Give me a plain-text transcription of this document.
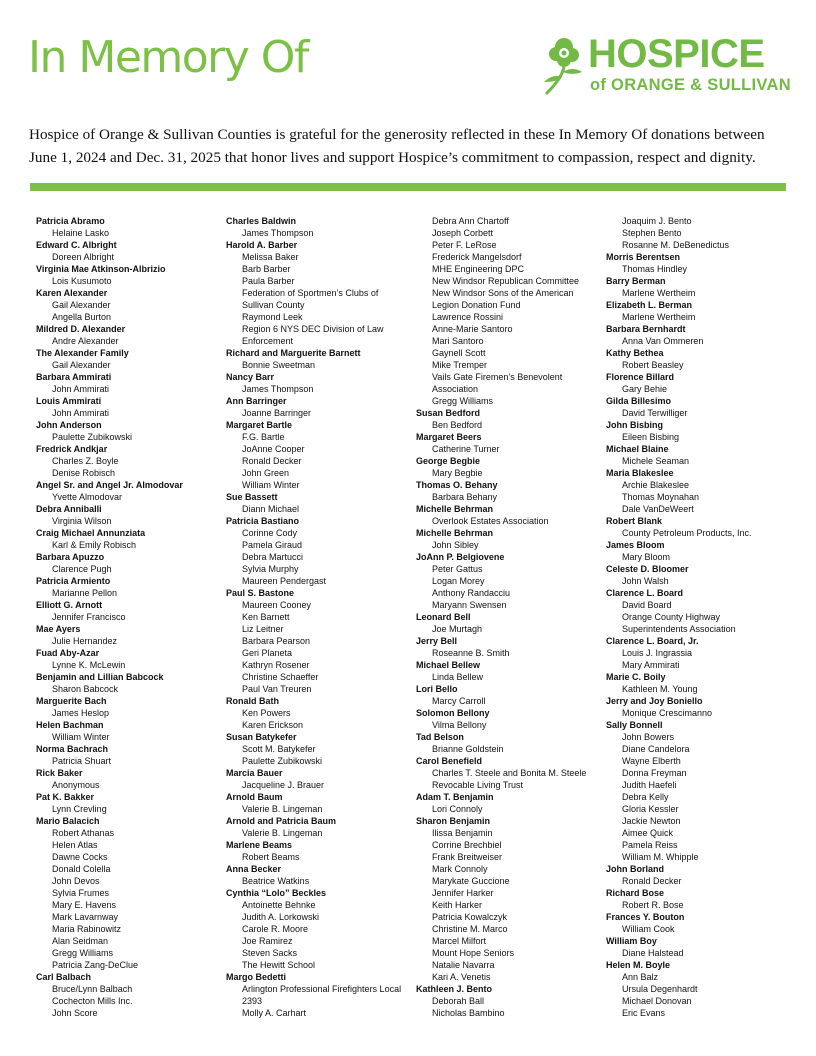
In Memory Of	HOSPICE
of ORANGE & SULLIVAN

Hospice of Orange & Sullivan Counties is grateful for the generosity reflected in these In Memory Of donations between June 1, 2024 and Dec. 31, 2025 that honor lives and support Hospice’s commitment to compassion, respect and dignity.

Patricia Abramo
Helaine Lasko
Edward C. Albright
Doreen Albright
Virginia Mae Atkinson-Albrizio
Lois Kusumoto
Karen Alexander
Gail Alexander
Angella Burton
Mildred D. Alexander
Andre Alexander
The Alexander Family
Gail Alexander
Barbara Ammirati
John Ammirati
Louis Ammirati
John Ammirati
John Anderson
Paulette Zubikowski
Fredrick Andkjar
Charles Z. Boyle
Denise Robisch
Angel Sr. and Angel Jr. Almodovar
Yvette Almodovar
Debra Anniballi
Virginia Wilson
Craig Michael Annunziata
Karl & Emily Robisch
Barbara Apuzzo
Clarence Pugh
Patricia Armiento
Marianne Pellon
Elliott G. Arnott
Jennifer Francisco
Mae Ayers
Julie Hernandez
Fuad Aby-Azar
Lynne K. McLewin
Benjamin and Lillian Babcock
Sharon Babcock
Marguerite Bach
James Heslop
Helen Bachman
William Winter
Norma Bachrach
Patricia Shuart
Rick Baker
Anonymous
Pat K. Bakker
Lynn Crevling
Mario Balacich
Robert Athanas
Helen Atlas
Dawne Cocks
Donald Colella
John Devos
Sylvia Frumes
Mary E. Havens
Mark Lavarnway
Maria Rabinowitz
Alan Seidman
Gregg Williams
Patricia Zang-DeClue
Carl Balbach
Bruce/Lynn Balbach
Cochecton Mills Inc.
John Score
Charles Baldwin
James Thompson
Harold A. Barber
Melissa Baker
Barb Barber
Paula Barber
Federation of Sportmen’s Clubs of
Sullivan County
Raymond Leek
Region 6 NYS DEC Division of Law
Enforcement
Richard and Marguerite Barnett
Bonnie Sweetman
Nancy Barr
James Thompson
Ann Barringer
Joanne Barringer
Margaret Bartle
F.G. Bartle
JoAnne Cooper
Ronald Decker
John Green
William Winter
Sue Bassett
Diann Michael
Patricia Bastiano
Corinne Cody
Pamela Giraud
Debra Martucci
Sylvia Murphy
Maureen Pendergast
Paul S. Bastone
Maureen Cooney
Ken Barnett
Liz Leitner
Barbara Pearson
Geri Planeta
Kathryn Rosener
Christine Schaeffer
Paul Van Treuren
Ronald Bath
Ken Powers
Karen Erickson
Susan Batykefer
Scott M. Batykefer
Paulette Zubikowski
Marcia Bauer
Jacqueline J. Brauer
Arnold Baum
Valerie B. Lingeman
Arnold and Patricia Baum
Valerie B. Lingeman
Marlene Beams
Robert Beams
Anna Becker
Beatrice Watkins
Cynthia “Lolo” Beckles
Antoinette Behnke
Judith A. Lorkowski
Carole R. Moore
Joe Ramirez
Steven Sacks
The Hewitt School
Margo Bedetti
Arlington Professional Firefighters Local
2393
Molly A. Carhart
Debra Ann Chartoff
Joseph Corbett
Peter F. LeRose
Frederick Mangelsdorf
MHE Engineering DPC
New Windsor Republican Committee
New Windsor Sons of the American
Legion Donation Fund
Lawrence Rossini
Anne-Marie Santoro
Mari Santoro
Gaynell Scott
Mike Tremper
Vails Gate Firemen’s Benevolent
Association
Gregg Williams
Susan Bedford
Ben Bedford
Margaret Beers
Catherine Turner
George Begbie
Mary Begbie
Thomas O. Behany
Barbara Behany
Michelle Behrman
Overlook Estates Association
Michelle Behrman
John Sibley
JoAnn P. Belgiovene
Peter Gattus
Logan Morey
Anthony Randacciu
Maryann Swensen
Leonard Bell
Joe Murtagh
Jerry Bell
Roseanne B. Smith
Michael Bellew
Linda Bellew
Lori Bello
Marcy Carroll
Solomon Bellony
Vilma Bellony
Tad Belson
Brianne Goldstein
Carol Benefield
Charles T. Steele and Bonita M. Steele
Revocable Living Trust
Adam T. Benjamin
Lori Connoly
Sharon Benjamin
Ilissa Benjamin
Corrine Brechbiel
Frank Breitweiser
Mark Connoly
Marykate Guccione
Jennifer Harker
Keith Harker
Patricia Kowalczyk
Christine M. Marco
Marcel Milfort
Mount Hope Seniors
Natalie Navarra
Kari A. Venetis
Kathleen J. Bento
Deborah Ball
Nicholas Bambino
Joaquim J. Bento
Stephen Bento
Rosanne M. DeBenedictus
Morris Berentsen
Thomas Hindley
Barry Berman
Marlene Wertheim
Elizabeth L. Berman
Marlene Wertheim
Barbara Bernhardt
Anna Van Ommeren
Kathy Bethea
Robert Beasley
Florence Billard
Gary Behie
Gilda Billesimo
David Terwilliger
John Bisbing
Eileen Bisbing
Michael Blaine
Michele Seaman
Maria Blakeslee
Archie Blakeslee
Thomas Moynahan
Dale VanDeWeert
Robert Blank
County Petroleum Products, Inc.
James Bloom
Mary Bloom
Celeste D. Bloomer
John Walsh
Clarence L. Board
David Board
Orange County Highway
Superintendents Association
Clarence L. Board, Jr.
Louis J. Ingrassia
Mary Ammirati
Marie C. Boily
Kathleen M. Young
Jerry and Joy Boniello
Monique Crescimanno
Sally Bonnell
John Bowers
Diane Candelora
Wayne Elberth
Donna Freyman
Judith Haefeli
Debra Kelly
Gloria Kessler
Jackie Newton
Aimee Quick
Pamela Reiss
William M. Whipple
John Borland
Ronald Decker
Richard Bose
Robert R. Bose
Frances Y. Bouton
William Cook
William Boy
Diane Halstead
Helen M. Boyle
Ann Balz
Ursula Degenhardt
Michael Donovan
Eric Evans
